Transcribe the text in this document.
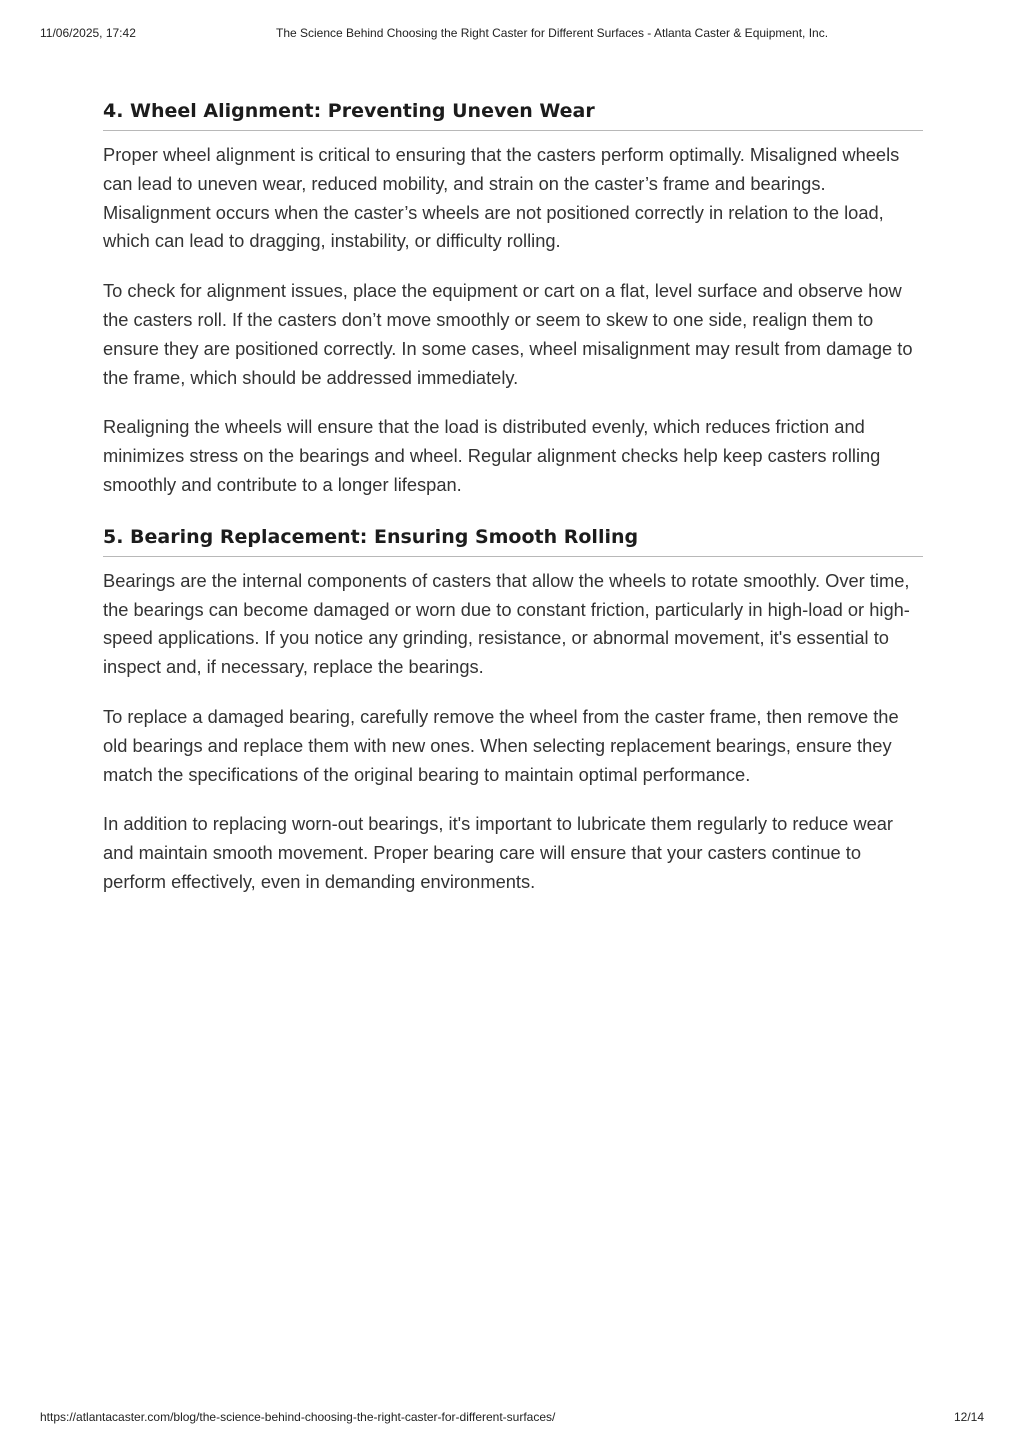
11/06/2025, 17:42	The Science Behind Choosing the Right Caster for Different Surfaces - Atlanta Caster & Equipment, Inc.
4. Wheel Alignment: Preventing Uneven Wear

Proper wheel alignment is critical to ensuring that the casters perform optimally. Misaligned wheels can lead to uneven wear, reduced mobility, and strain on the caster’s frame and bearings. Misalignment occurs when the caster’s wheels are not positioned correctly in relation to the load, which can lead to dragging, instability, or difficulty rolling.

To check for alignment issues, place the equipment or cart on a flat, level surface and observe how the casters roll. If the casters don’t move smoothly or seem to skew to one side, realign them to ensure they are positioned correctly. In some cases, wheel misalignment may result from damage to the frame, which should be addressed immediately.

Realigning the wheels will ensure that the load is distributed evenly, which reduces friction and minimizes stress on the bearings and wheel. Regular alignment checks help keep casters rolling smoothly and contribute to a longer lifespan.

5. Bearing Replacement: Ensuring Smooth Rolling

Bearings are the internal components of casters that allow the wheels to rotate smoothly. Over time, the bearings can become damaged or worn due to constant friction, particularly in high-load or high-speed applications. If you notice any grinding, resistance, or abnormal movement, it's essential to inspect and, if necessary, replace the bearings.

To replace a damaged bearing, carefully remove the wheel from the caster frame, then remove the old bearings and replace them with new ones. When selecting replacement bearings, ensure they match the specifications of the original bearing to maintain optimal performance.

In addition to replacing worn-out bearings, it's important to lubricate them regularly to reduce wear and maintain smooth movement. Proper bearing care will ensure that your casters continue to perform effectively, even in demanding environments.

https://atlantacaster.com/blog/the-science-behind-choosing-the-right-caster-for-different-surfaces/	12/14
